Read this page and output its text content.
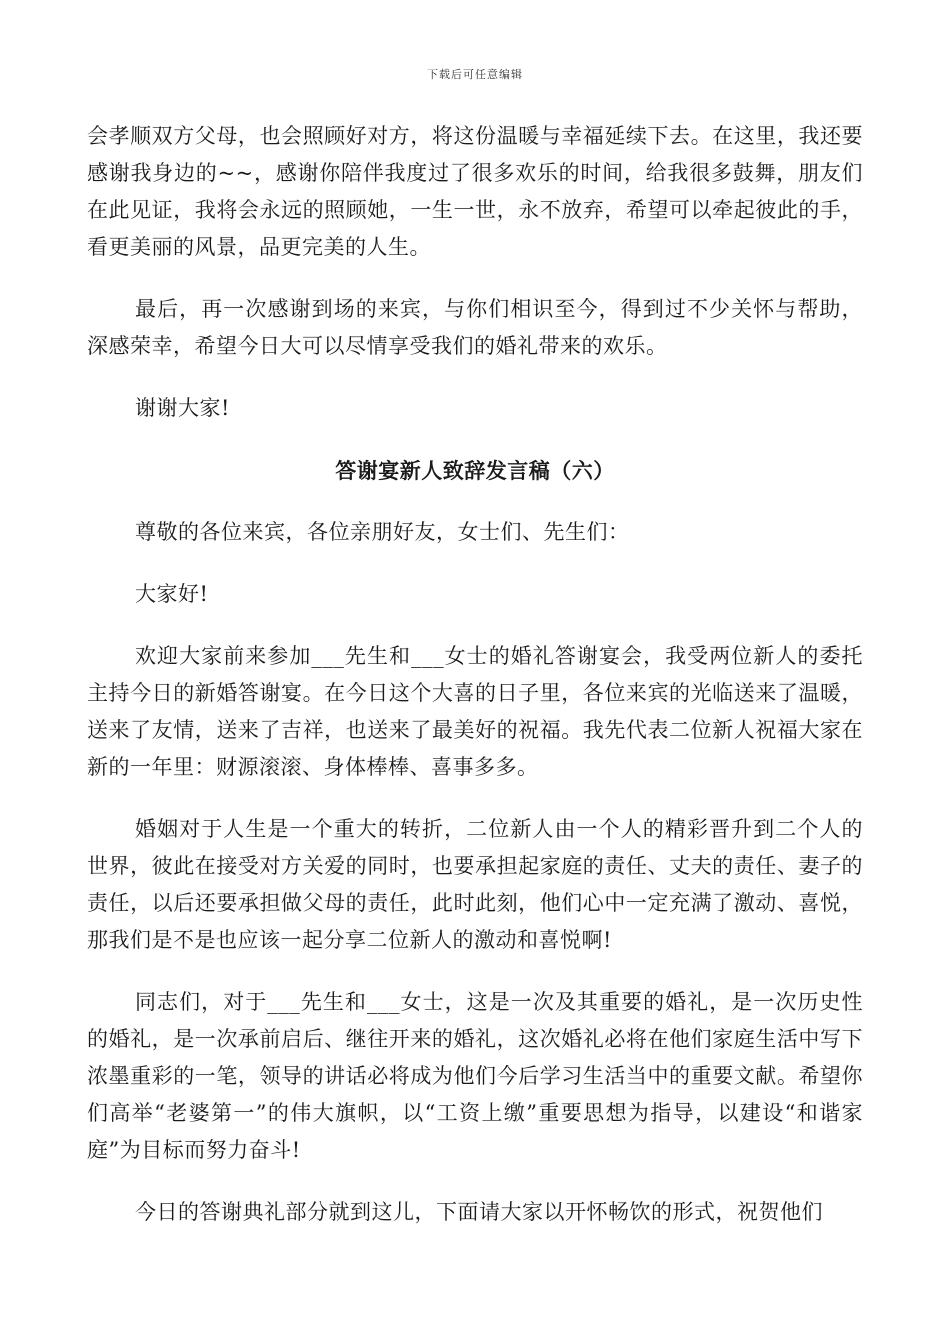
下载后可任意编辑

会孝顺双方父母，也会照顾好对方，将这份温暖与幸福延续下去。在这里，我还要感谢我身边的~~，感谢你陪伴我度过了很多欢乐的时间，给我很多鼓舞，朋友们在此见证，我将会永远的照顾她，一生一世，永不放弃，希望可以牵起彼此的手，看更美丽的风景，品更完美的人生。

最后，再一次感谢到场的来宾，与你们相识至今，得到过不少关怀与帮助，深感荣幸，希望今日大可以尽情享受我们的婚礼带来的欢乐。

谢谢大家!

答谢宴新人致辞发言稿（六）

尊敬的各位来宾，各位亲朋好友，女士们、先生们：

大家好!

欢迎大家前来参加___先生和___女士的婚礼答谢宴会，我受两位新人的委托主持今日的新婚答谢宴。在今日这个大喜的日子里，各位来宾的光临送来了温暖，送来了友情，送来了吉祥，也送来了最美好的祝福。我先代表二位新人祝福大家在新的一年里：财源滚滚、身体棒棒、喜事多多。

婚姻对于人生是一个重大的转折，二位新人由一个人的精彩晋升到二个人的世界，彼此在接受对方关爱的同时，也要承担起家庭的责任、丈夫的责任、妻子的责任，以后还要承担做父母的责任，此时此刻，他们心中一定充满了激动、喜悦，那我们是不是也应该一起分享二位新人的激动和喜悦啊!

同志们，对于___先生和___女士，这是一次及其重要的婚礼，是一次历史性的婚礼，是一次承前启后、继往开来的婚礼，这次婚礼必将在他们家庭生活中写下浓墨重彩的一笔，领导的讲话必将成为他们今后学习生活当中的重要文献。希望你们高举“老婆第一”的伟大旗帜，以“工资上缴”重要思想为指导，以建设“和谐家庭”为目标而努力奋斗!

今日的答谢典礼部分就到这儿，下面请大家以开怀畅饮的形式，祝贺他们
